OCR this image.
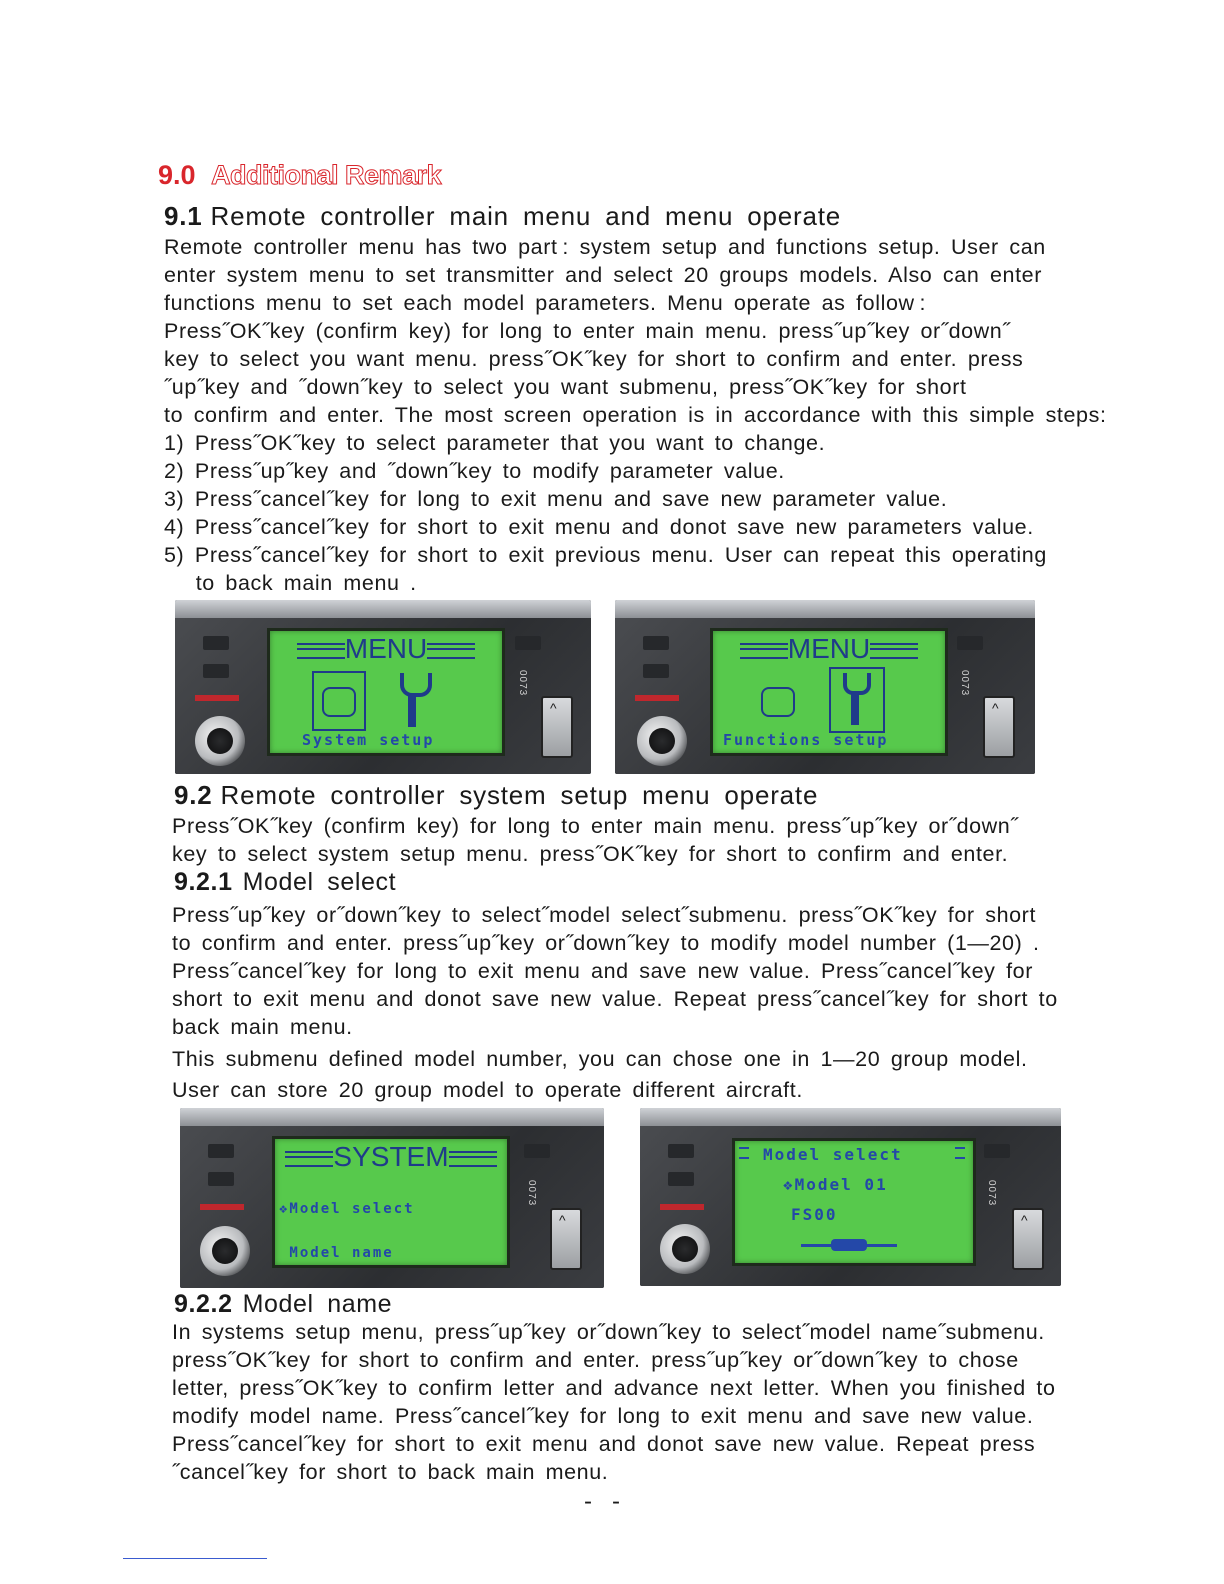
9.0 Additional Remark
9.1 Remote controller main menu and menu operate
Remote controller menu has two part : system setup and functions setup. User can
enter system menu to set transmitter and select 20 groups models. Also can enter
functions menu to set each model parameters. Menu operate as follow :
Press˝OK˝key (confirm key) for long to enter main menu. press˝up˝key or˝down˝
key to select you want menu. press˝OK˝key for short to confirm and enter. press
˝up˝key and ˝down˝key to select you want submenu, press˝OK˝key for short
to confirm and enter. The most screen operation is in accordance with this simple steps:
1) Press˝OK˝key to select parameter that you want to change.
2) Press˝up˝key and ˝down˝key to modify parameter value.
3) Press˝cancel˝key for long to exit menu and save new parameter value.
4) Press˝cancel˝key for short to exit menu and donot save new parameters value.
5) Press˝cancel˝key for short to exit previous menu. User can repeat this operating
to back main menu .
MENU
System setup
0073
^
MENU
Functions setup
0073
^
9.2 Remote controller system setup menu operate
Press˝OK˝key (confirm key) for long to enter main menu. press˝up˝key or˝down˝
key to select system setup menu. press˝OK˝key for short to confirm and enter.
9.2.1 Model select
Press˝up˝key or˝down˝key to select˝model select˝submenu. press˝OK˝key for short
to confirm and enter. press˝up˝key or˝down˝key to modify model number (1—20) .
Press˝cancel˝key for long to exit menu and save new value. Press˝cancel˝key for
short to exit menu and donot save new value. Repeat press˝cancel˝key for short to
back main menu.
This submenu defined model number, you can chose one in 1—20 group model.
User can store 20 group model to operate different aircraft.
SYSTEM

❖Model select

Model name

0073
^
Model select
❖Model 01
FS00
0073
^
9.2.2 Model name
In systems setup menu, press˝up˝key or˝down˝key to select˝model name˝submenu.
press˝OK˝key for short to confirm and enter. press˝up˝key or˝down˝key to chose
letter, press˝OK˝key to confirm letter and advance next letter. When you finished to
modify model name. Press˝cancel˝key for long to exit menu and save new value.
Press˝cancel˝key for short to exit menu and donot save new value. Repeat press
˝cancel˝key for short to back main menu.
-   -
